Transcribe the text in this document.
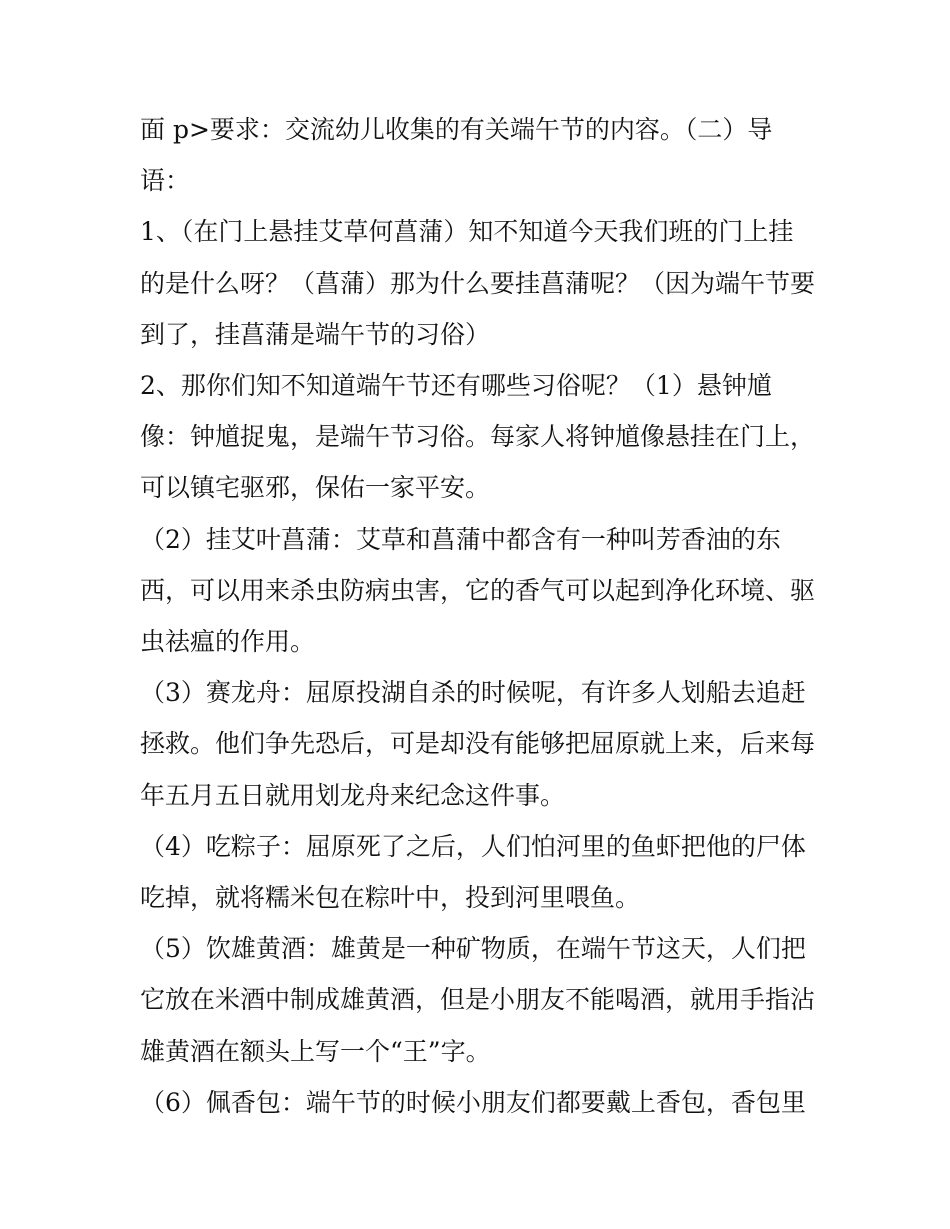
面 p>要求：交流幼儿收集的有关端午节的内容。（二）导语：

1、（在门上悬挂艾草何菖蒲）知不知道今天我们班的门上挂的是什么呀？（菖蒲）那为什么要挂菖蒲呢？（因为端午节要到了，挂菖蒲是端午节的习俗）

2、那你们知不知道端午节还有哪些习俗呢？（1）悬钟馗像：钟馗捉鬼，是端午节习俗。每家人将钟馗像悬挂在门上，可以镇宅驱邪，保佑一家平安。

（2）挂艾叶菖蒲：艾草和菖蒲中都含有一种叫芳香油的东西，可以用来杀虫防病虫害，它的香气可以起到净化环境、驱虫祛瘟的作用。

（3）赛龙舟：屈原投湖自杀的时候呢，有许多人划船去追赶拯救。他们争先恐后，可是却没有能够把屈原就上来，后来每年五月五日就用划龙舟来纪念这件事。

（4）吃粽子：屈原死了之后，人们怕河里的鱼虾把他的尸体吃掉，就将糯米包在粽叶中，投到河里喂鱼。

（5）饮雄黄酒：雄黄是一种矿物质，在端午节这天，人们把它放在米酒中制成雄黄酒，但是小朋友不能喝酒，就用手指沾雄黄酒在额头上写一个“王”字。

（6）佩香包：端午节的时候小朋友们都要戴上香包，香包里
